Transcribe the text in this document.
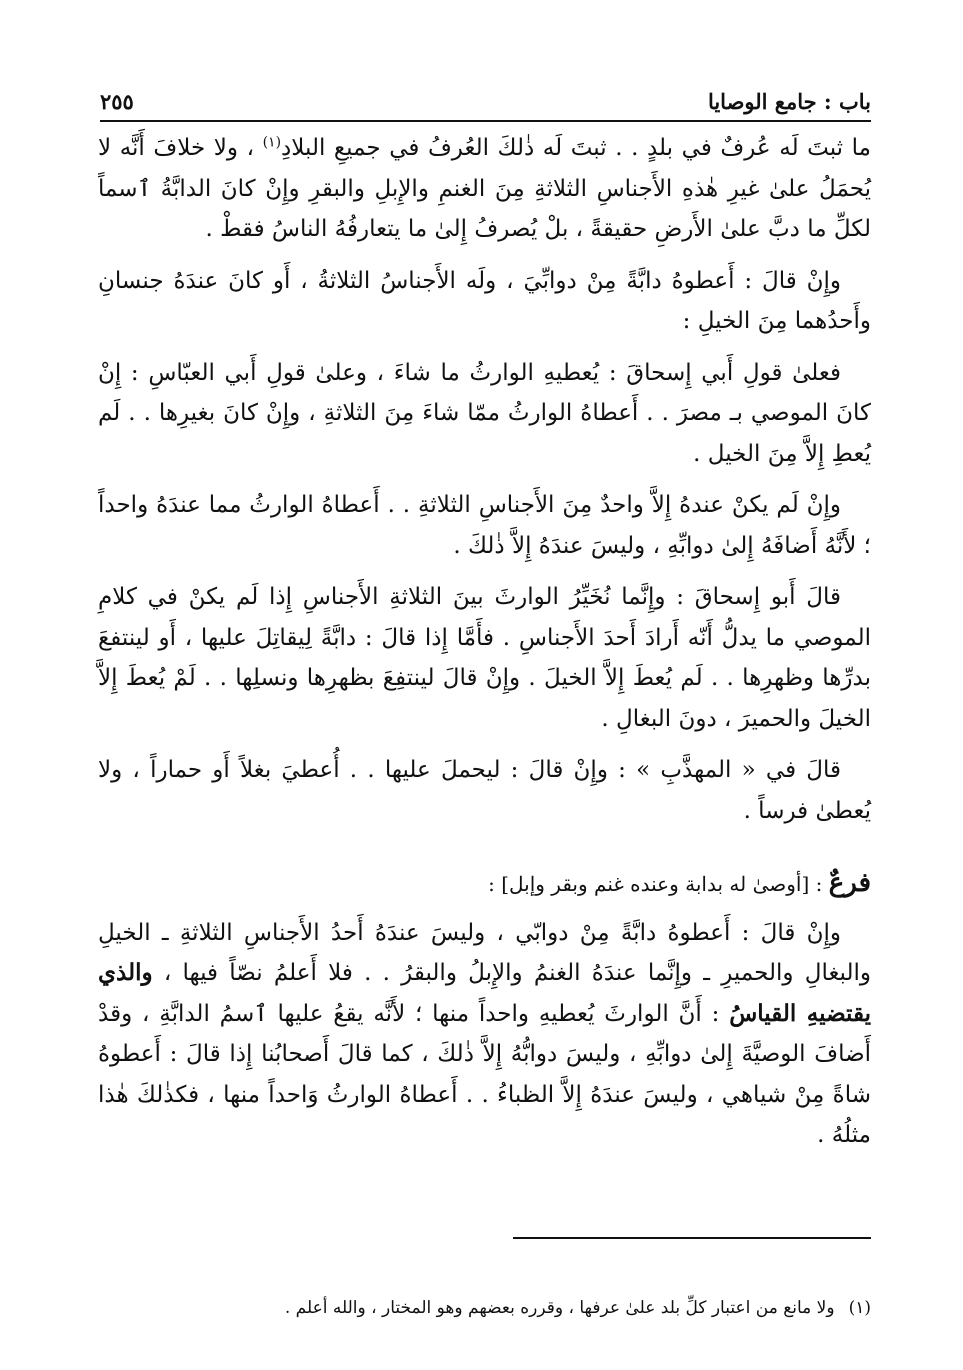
باب : جامع الوصايا
٢٥٥

ما ثبتَ لَه عُرفٌ في بلدٍ . . ثبتَ لَه ذٰلكَ العُرفُ في جميعِ البلادِ$^{(١)}$ ، ولا خلافَ أَنَّه لا يُحمَلُ علىٰ غيرِ هٰذهِ الأَجناسِ الثلاثةِ مِنَ الغنمِ والإِبلِ والبقرِ وإِنْ كانَ الدابَّةُ ٱسماً لكلِّ ما دبَّ علىٰ الأَرضِ حقيقةً ، بلْ يُصرفُ إِلىٰ ما يتعارفُهُ الناسُ فقطْ .

وإِنْ قالَ : أَعطوهُ دابَّةً مِنْ دوابِّيَ ، ولَه الأَجناسُ الثلاثةُ ، أَو كانَ عندَهُ جنسانِ وأَحدُهما مِنَ الخيلِ :

فعلىٰ قولِ أَبي إِسحاقَ : يُعطيهِ الوارثُ ما شاءَ ، وعلىٰ قولِ أَبي العبّاسِ : إِنْ كانَ الموصي بـ مصرَ . . أَعطاهُ الوارثُ ممّا شاءَ مِنَ الثلاثةِ ، وإِنْ كانَ بغيرِها . . لَم يُعطِ إِلاَّ مِنَ الخيل .

وإِنْ لَم يكنْ عندهُ إِلاَّ واحدٌ مِنَ الأَجناسِ الثلاثةِ . . أَعطاهُ الوارثُ مما عندَهُ واحداً ؛ لأَنَّهُ أَضافَهُ إِلىٰ دوابِّهِ ، وليسَ عندَهُ إِلاَّ ذٰلكَ .

قالَ أَبو إِسحاقَ : وإِنَّما نُخَيِّرُ الوارثَ بينَ الثلاثةِ الأَجناسِ إِذا لَم يكنْ في كلامِ الموصي ما يدلُّ أَنّه أَرادَ أَحدَ الأَجناسِ . فأَمَّا إِذا قالَ : دابَّةً لِيقاتِلَ عليها ، أَو لينتفعَ بدرِّها وظهرِها . . لَم يُعطَ إِلاَّ الخيلَ . وإِنْ قالَ لينتفِعَ بظهرِها ونسلِها . . لَمْ يُعطَ إِلاَّ الخيلَ والحميرَ ، دونَ البغالِ .

قالَ في « المهذَّبِ » : وإِنْ قالَ : ليحملَ عليها . . أُعطيَ بغلاً أَو حماراً ، ولا يُعطىٰ فرساً .

فرعٌ : [أوصىٰ له بدابة وعنده غنم وبقر وإبل] :

وإِنْ قالَ : أَعطوهُ دابَّةً مِنْ دوابّي ، وليسَ عندَهُ أَحدُ الأَجناسِ الثلاثةِ ـ الخيلِ والبغالِ والحميرِ ـ وإِنَّما عندَهُ الغنمُ والإِبلُ والبقرُ . . فلا أَعلمُ نصّاً فيها ، والذي يقتضيهِ القياسُ : أَنَّ الوارثَ يُعطيهِ واحداً منها ؛ لأَنَّه يقعُ عليها ٱسمُ الدابَّةِ ، وقدْ أَضافَ الوصيَّةَ إِلىٰ دوابِّهِ ، وليسَ دوابُّهُ إِلاَّ ذٰلكَ ، كما قالَ أَصحابُنا إِذا قالَ : أَعطوهُ شاةً مِنْ شياهي ، وليسَ عندَهُ إِلاَّ الظباءُ . . أَعطاهُ الوارثُ وَاحداً منها ، فكذٰلكَ هٰذا مثلُهُ .

(١)ولا مانع من اعتبار كلِّ بلد علىٰ عرفها ، وقرره بعضهم وهو المختار ، والله أعلم .
